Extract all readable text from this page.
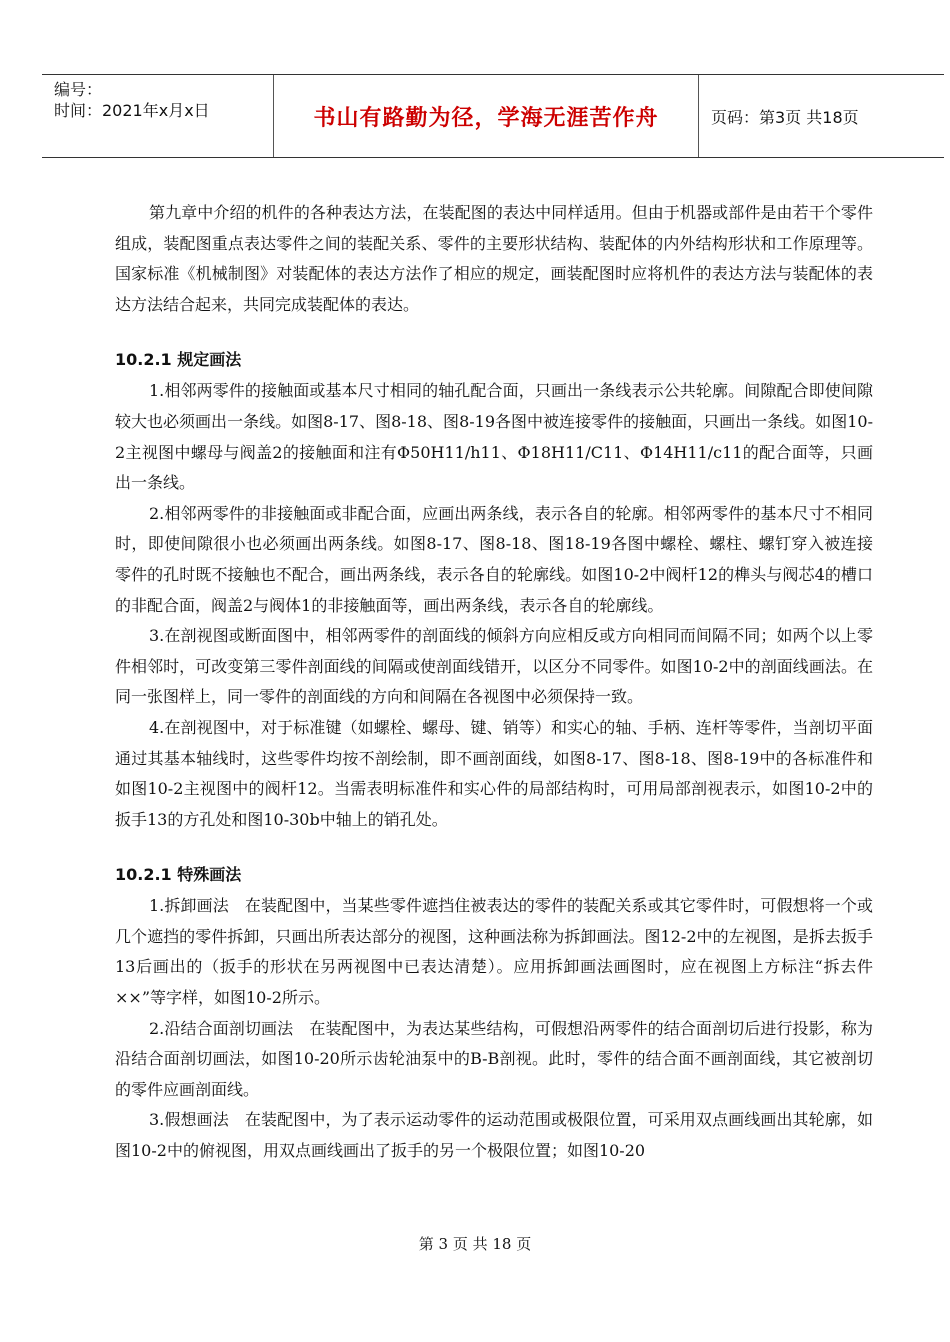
编号：
时间：2021年x月x日	书山有路勤为径，学海无涯苦作舟	页码：第3页 共18页

第九章中介绍的机件的各种表达方法，在装配图的表达中同样适用。但由于机器或部件是由若干个零件组成，装配图重点表达零件之间的装配关系、零件的主要形状结构、装配体的内外结构形状和工作原理等。国家标准《机械制图》对装配体的表达方法作了相应的规定，画装配图时应将机件的表达方法与装配体的表达方法结合起来，共同完成装配体的表达。

10.2.1 规定画法

1.相邻两零件的接触面或基本尺寸相同的轴孔配合面，只画出一条线表示公共轮廓。间隙配合即使间隙较大也必须画出一条线。如图8-17、图8-18、图8-19各图中被连接零件的接触面，只画出一条线。如图10-2主视图中螺母与阀盖2的接触面和注有Φ50H11/h11、Φ18H11/C11、Φ14H11/c11的配合面等，只画出一条线。

2.相邻两零件的非接触面或非配合面，应画出两条线，表示各自的轮廓。相邻两零件的基本尺寸不相同时，即使间隙很小也必须画出两条线。如图8-17、图8-18、图18-19各图中螺栓、螺柱、螺钉穿入被连接零件的孔时既不接触也不配合，画出两条线，表示各自的轮廓线。如图10-2中阀杆12的榫头与阀芯4的槽口的非配合面，阀盖2与阀体1的非接触面等，画出两条线，表示各自的轮廓线。

3.在剖视图或断面图中，相邻两零件的剖面线的倾斜方向应相反或方向相同而间隔不同；如两个以上零件相邻时，可改变第三零件剖面线的间隔或使剖面线错开，以区分不同零件。如图10-2中的剖面线画法。在同一张图样上，同一零件的剖面线的方向和间隔在各视图中必须保持一致。

4.在剖视图中，对于标准键（如螺栓、螺母、键、销等）和实心的轴、手柄、连杆等零件，当剖切平面通过其基本轴线时，这些零件均按不剖绘制，即不画剖面线，如图8-17、图8-18、图8-19中的各标准件和如图10-2主视图中的阀杆12。当需表明标准件和实心件的局部结构时，可用局部剖视表示，如图10-2中的扳手13的方孔处和图10-30b中轴上的销孔处。

10.2.1 特殊画法

1.拆卸画法　在装配图中，当某些零件遮挡住被表达的零件的装配关系或其它零件时，可假想将一个或几个遮挡的零件拆卸，只画出所表达部分的视图，这种画法称为拆卸画法。图12-2中的左视图，是拆去扳手13后画出的（扳手的形状在另两视图中已表达清楚）。应用拆卸画法画图时，应在视图上方标注“拆去件××”等字样，如图10-2所示。

2.沿结合面剖切画法　在装配图中，为表达某些结构，可假想沿两零件的结合面剖切后进行投影，称为沿结合面剖切画法，如图10-20所示齿轮油泵中的B-B剖视。此时，零件的结合面不画剖面线，其它被剖切的零件应画剖面线。

3.假想画法　在装配图中，为了表示运动零件的运动范围或极限位置，可采用双点画线画出其轮廓，如图10-2中的俯视图，用双点画线画出了扳手的另一个极限位置；如图10-20

第 3 页 共 18 页
